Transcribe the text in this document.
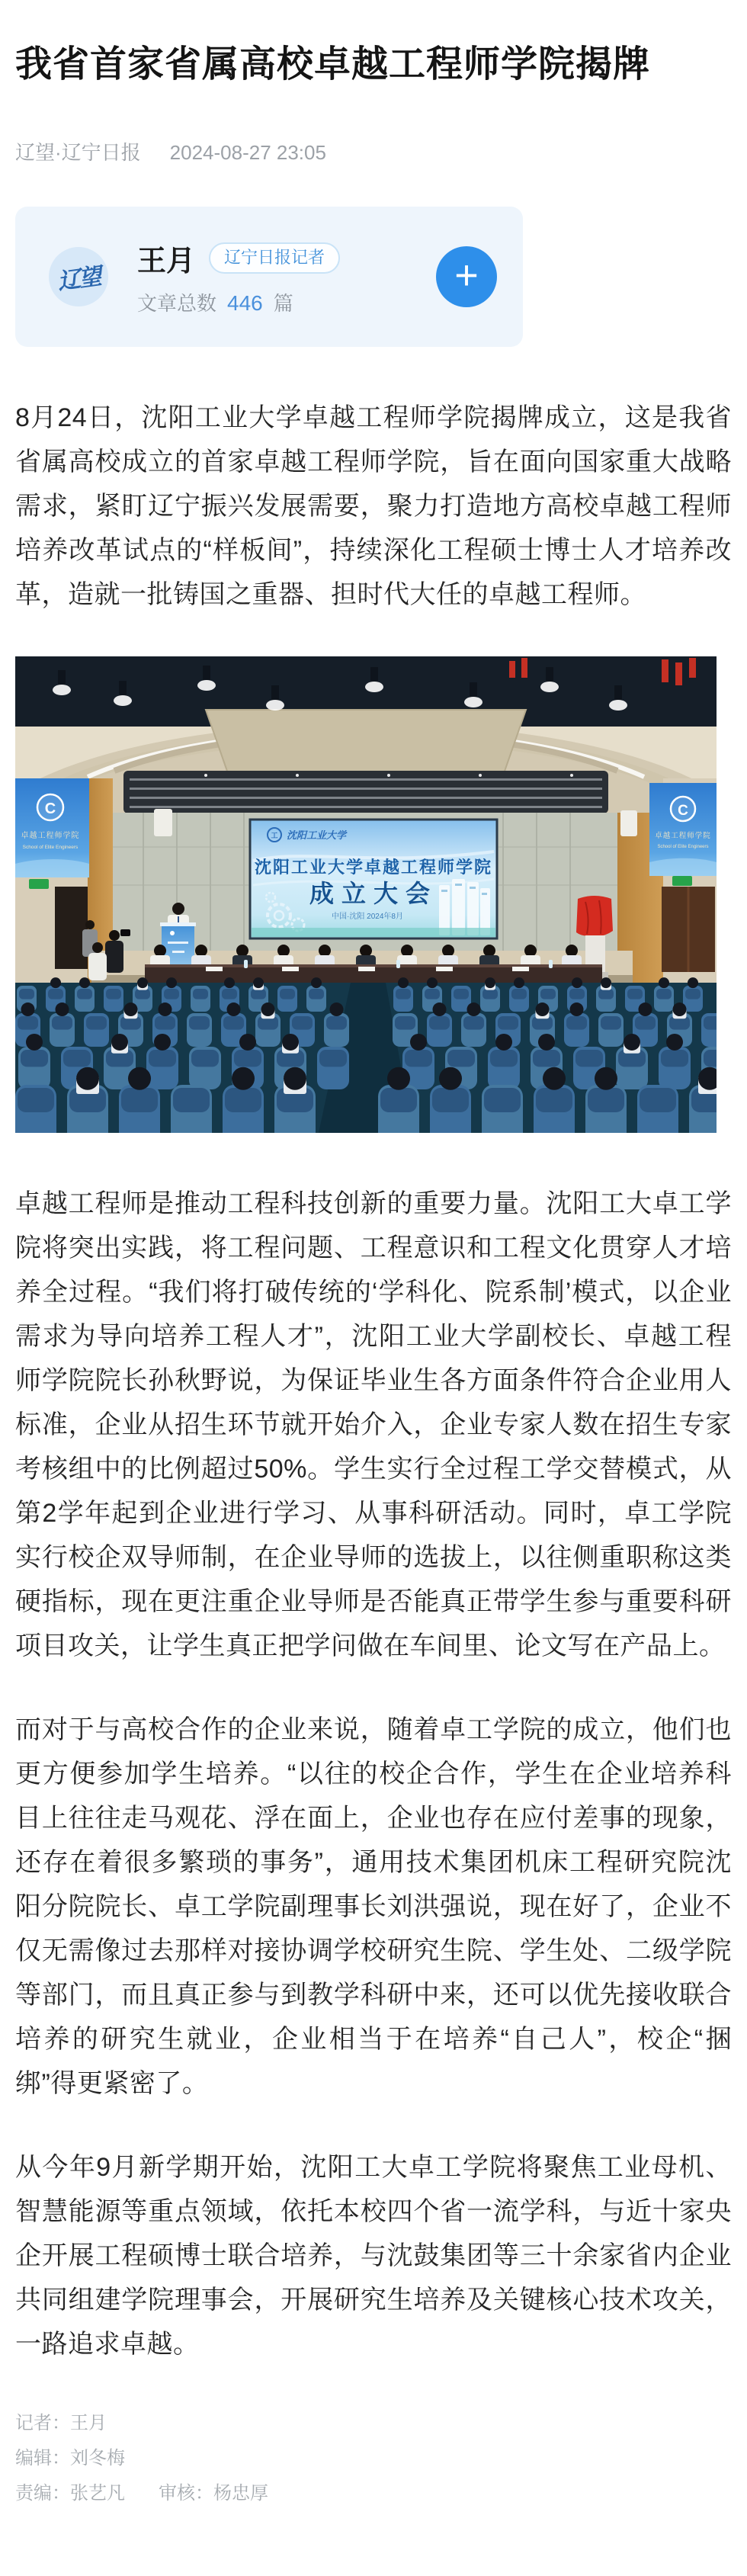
我省首家省属高校卓越工程师学院揭牌
辽望·辽宁日报 2024-08-27 23:05
辽望
王月	辽宁日报记者
文章总数 446 篇
+

8月24日，沈阳工业大学卓越工程师学院揭牌成立，这是我省省属高校成立的首家卓越工程师学院，旨在面向国家重大战略需求，紧盯辽宁振兴发展需要，聚力打造地方高校卓越工程师培养改革试点的“样板间”，持续深化工程硕士博士人才培养改革，造就一批铸国之重器、担时代大任的卓越工程师。

C
卓越工程师学院
School of Elite Engineers
C
卓越工程师学院
School of Elite Engineers
工 沈阳工业大学
沈阳工业大学卓越工程师学院
成立大会
中国·沈阳 2024年8月

卓越工程师是推动工程科技创新的重要力量。沈阳工大卓工学院将突出实践，将工程问题、工程意识和工程文化贯穿人才培养全过程。“我们将打破传统的‘学科化、院系制’模式，以企业需求为导向培养工程人才”，沈阳工业大学副校长、卓越工程师学院院长孙秋野说，为保证毕业生各方面条件符合企业用人标准，企业从招生环节就开始介入，企业专家人数在招生专家考核组中的比例超过50%。学生实行全过程工学交替模式，从第2学年起到企业进行学习、从事科研活动。同时，卓工学院实行校企双导师制，在企业导师的选拔上，以往侧重职称这类硬指标，现在更注重企业导师是否能真正带学生参与重要科研项目攻关，让学生真正把学问做在车间里、论文写在产品上。

而对于与高校合作的企业来说，随着卓工学院的成立，他们也更方便参加学生培养。“以往的校企合作，学生在企业培养科目上往往走马观花、浮在面上，企业也存在应付差事的现象，还存在着很多繁琐的事务”，通用技术集团机床工程研究院沈阳分院院长、卓工学院副理事长刘洪强说，现在好了，企业不仅无需像过去那样对接协调学校研究生院、学生处、二级学院等部门，而且真正参与到教学科研中来，还可以优先接收联合培养的研究生就业，企业相当于在培养“自己人”，校企“捆绑”得更紧密了。

从今年9月新学期开始，沈阳工大卓工学院将聚焦工业母机、智慧能源等重点领域，依托本校四个省一流学科，与近十家央企开展工程硕博士联合培养，与沈鼓集团等三十余家省内企业共同组建学院理事会，开展研究生培养及关键核心技术攻关，一路追求卓越。

记者：王月
编辑：刘冬梅
责编：张艺凡 审核：杨忠厚
